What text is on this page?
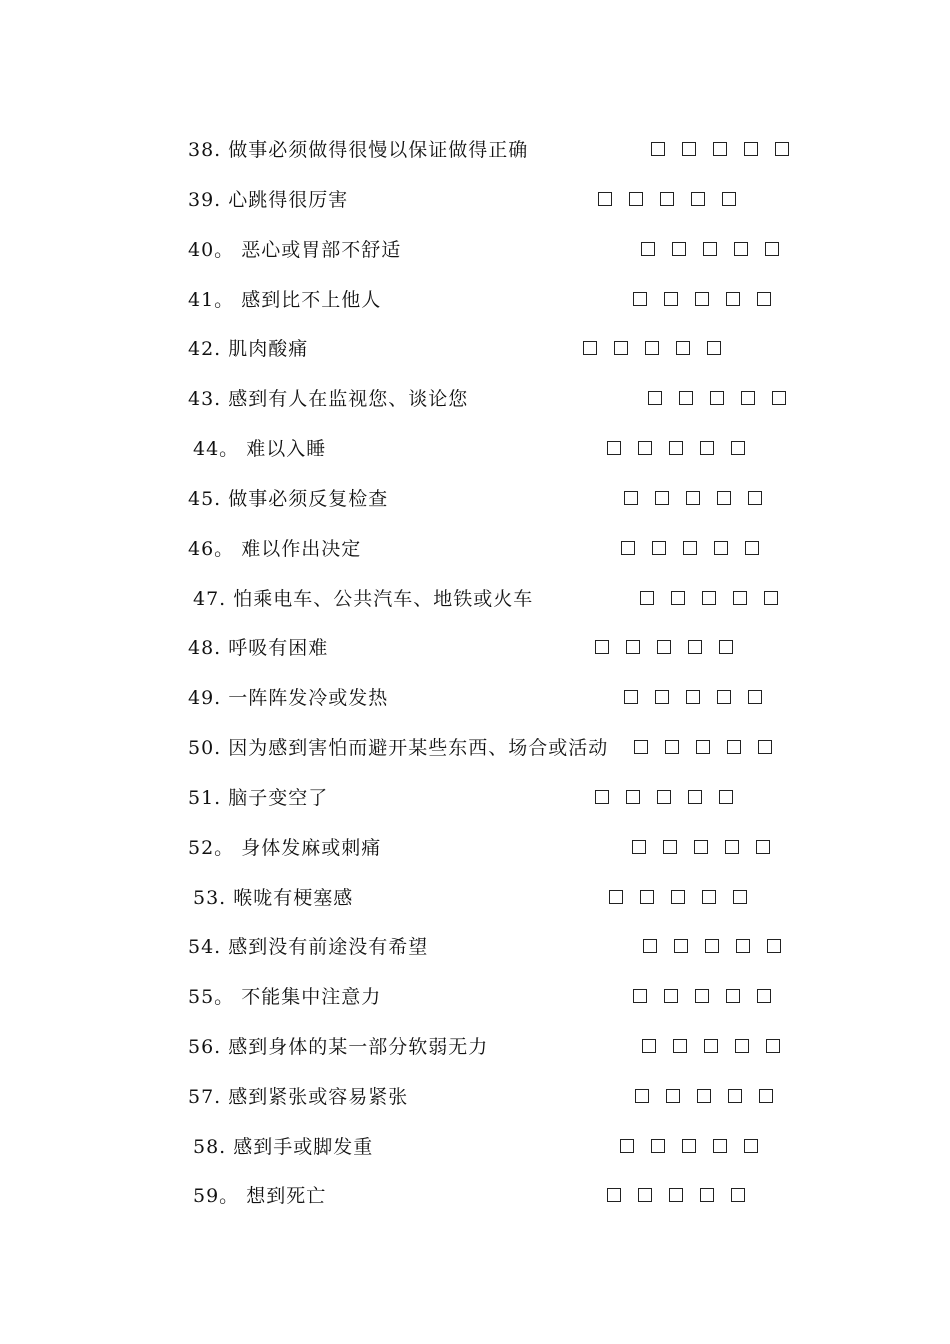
38. 做事必须做得很慢以保证做得正确
39. 心跳得很厉害
40。 恶心或胃部不舒适
41。 感到比不上他人
42. 肌肉酸痛
43. 感到有人在监视您、谈论您
44。 难以入睡
45. 做事必须反复检查
46。 难以作出决定
47. 怕乘电车、公共汽车、地铁或火车
48. 呼吸有困难
49. 一阵阵发冷或发热
50. 因为感到害怕而避开某些东西、场合或活动
51. 脑子变空了
52。 身体发麻或刺痛
53. 喉咙有梗塞感
54. 感到没有前途没有希望
55。 不能集中注意力
56. 感到身体的某一部分软弱无力
57. 感到紧张或容易紧张
58. 感到手或脚发重
59。 想到死亡
